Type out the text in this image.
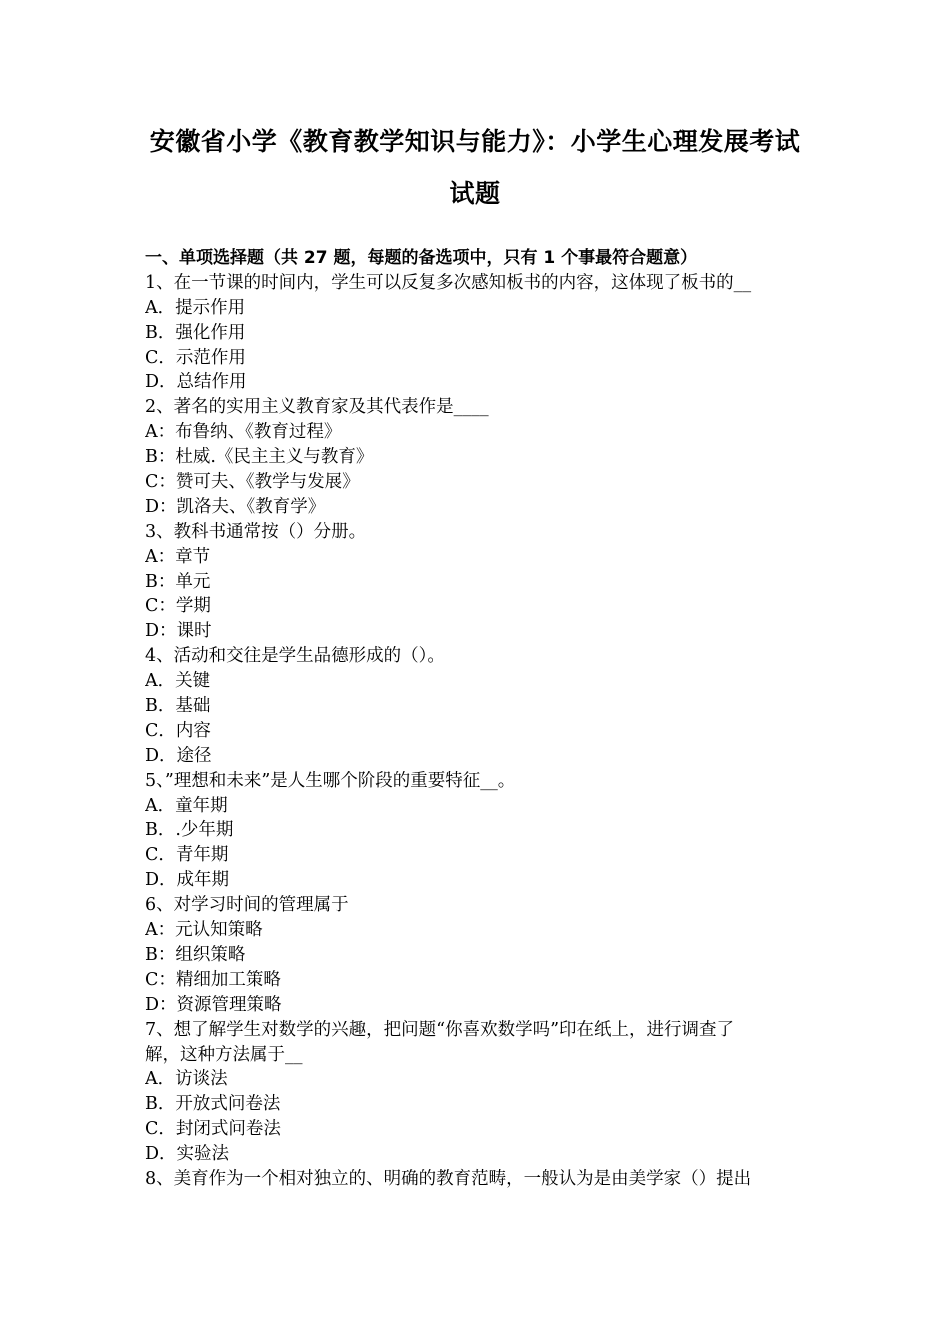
安徽省小学《教育教学知识与能力》：小学生心理发展考试
试题
一、单项选择题（共 27 题，每题的备选项中，只有 1 个事最符合题意）
1、在一节课的时间内，学生可以反复多次感知板书的内容，这体现了板书的__
A．提示作用
B．强化作用
C．示范作用
D．总结作用
2、著名的实用主义教育家及其代表作是____
A：布鲁纳、《教育过程》
B：杜威.《民主主义与教育》
C：赞可夫、《教学与发展》
D：凯洛夫、《教育学》
3、教科书通常按（）分册。
A：章节
B：单元
C：学期
D：课时
4、活动和交往是学生品德形成的（）。
A．关键
B．基础
C．内容
D．途径
5、”理想和未来”是人生哪个阶段的重要特征__。
A．童年期
B．.少年期
C．青年期
D．成年期
6、对学习时间的管理属于
A：元认知策略
B：组织策略
C：精细加工策略
D：资源管理策略
7、想了解学生对数学的兴趣，把问题“你喜欢数学吗”印在纸上，进行调查了
解，这种方法属于__
A．访谈法
B．开放式问卷法
C．封闭式问卷法
D．实验法
8、美育作为一个相对独立的、明确的教育范畴，一般认为是由美学家（）提出
